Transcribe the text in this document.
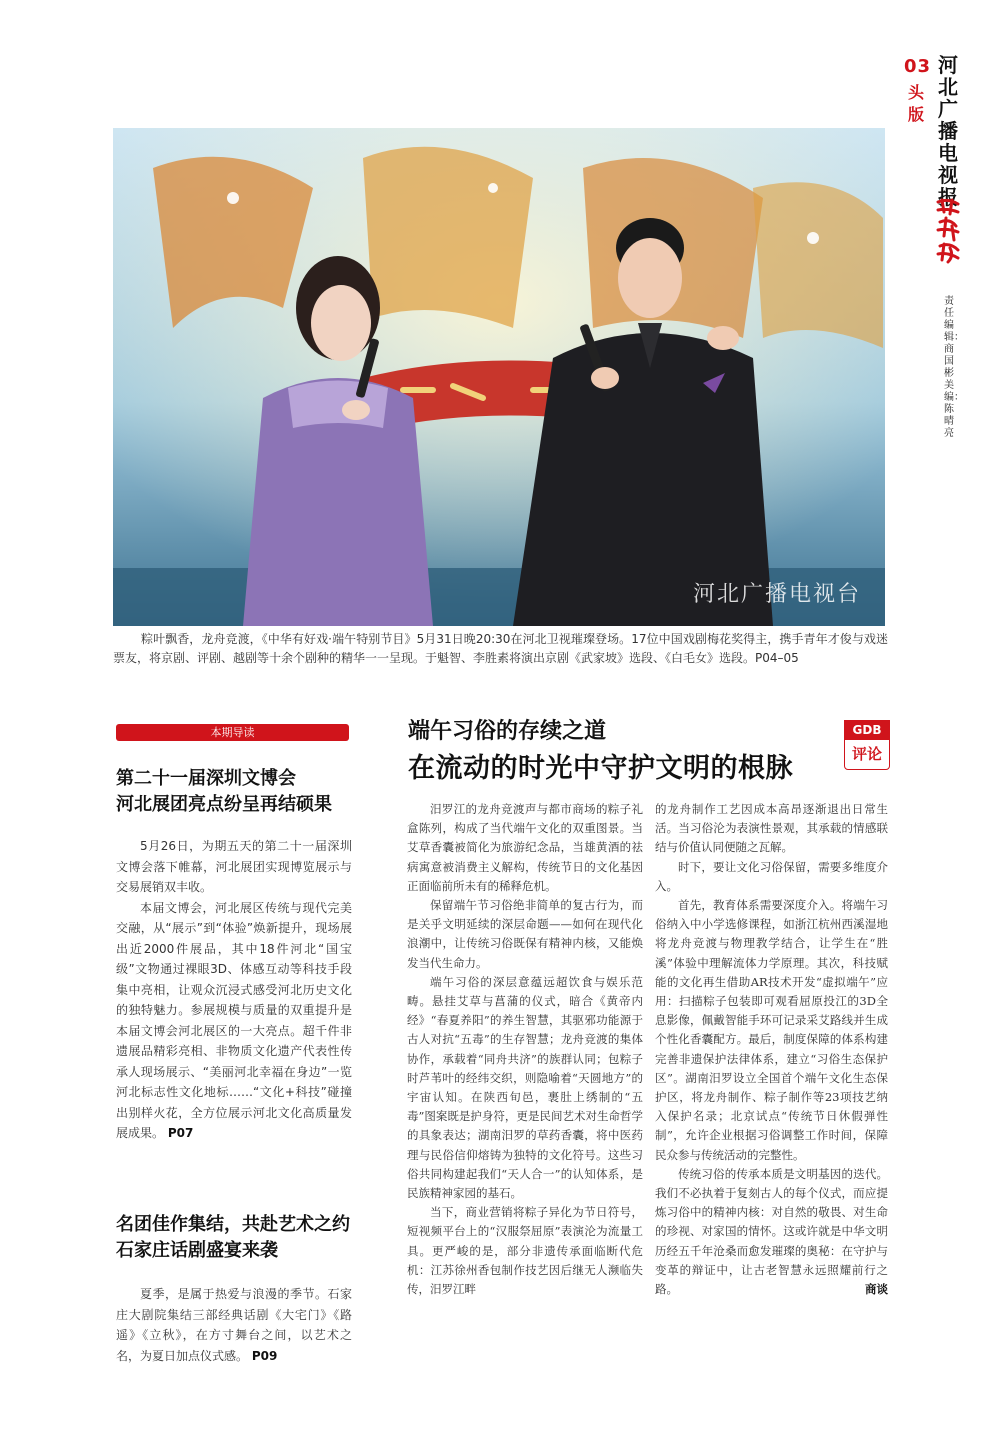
03
头版
河北广播电视报
责任编辑：商国彬 美编：陈晴亮
河北广播电视台
粽叶飘香，龙舟竞渡，《中华有好戏·端午特别节目》5月31日晚20:30在河北卫视璀璨登场。17位中国戏剧梅花奖得主，携手青年才俊与戏迷票友，将京剧、评剧、越剧等十余个剧种的精华一一呈现。于魁智、李胜素将演出京剧《武家坡》选段、《白毛女》选段。P04–05
本期导读
第二十一届深圳文博会
河北展团亮点纷呈再结硕果

5月26日，为期五天的第二十一届深圳文博会落下帷幕，河北展团实现博览展示与交易展销双丰收。

本届文博会，河北展区传统与现代完美交融，从“展示”到“体验”焕新提升，现场展出近2000件展品，其中18件河北“国宝级”文物通过裸眼3D、体感互动等科技手段集中亮相，让观众沉浸式感受河北历史文化的独特魅力。参展规模与质量的双重提升是本届文博会河北展区的一大亮点。超千件非遗展品精彩亮相、非物质文化遗产代表性传承人现场展示、“美丽河北幸福在身边”一览河北标志性文化地标……“文化+科技”碰撞出别样火花，全方位展示河北文化高质量发展成果。 P07

名团佳作集结，共赴艺术之约
石家庄话剧盛宴来袭

夏季，是属于热爱与浪漫的季节。石家庄大剧院集结三部经典话剧《大宅门》《路遥》《立秋》，在方寸舞台之间，以艺术之名，为夏日加点仪式感。 P09

端午习俗的存续之道
在流动的时光中守护文明的根脉
GDB
评论

汨罗江的龙舟竞渡声与都市商场的粽子礼盒陈列，构成了当代端午文化的双重图景。当艾草香囊被简化为旅游纪念品，当雄黄酒的祛病寓意被消费主义解构，传统节日的文化基因正面临前所未有的稀释危机。

保留端午节习俗绝非简单的复古行为，而是关乎文明延续的深层命题——如何在现代化浪潮中，让传统习俗既保有精神内核，又能焕发当代生命力。

端午习俗的深层意蕴远超饮食与娱乐范畴。悬挂艾草与菖蒲的仪式，暗合《黄帝内经》“春夏养阳”的养生智慧，其驱邪功能源于古人对抗“五毒”的生存智慧；龙舟竞渡的集体协作，承载着“同舟共济”的族群认同；包粽子时芦苇叶的经纬交织，则隐喻着“天圆地方”的宇宙认知。在陕西旬邑，裹肚上绣制的“五毒”图案既是护身符，更是民间艺术对生命哲学的具象表达；湖南汨罗的草药香囊，将中医药理与民俗信仰熔铸为独特的文化符号。这些习俗共同构建起我们“天人合一”的认知体系，是民族精神家园的基石。

当下，商业营销将粽子异化为节日符号，短视频平台上的“汉服祭屈原”表演沦为流量工具。更严峻的是，部分非遗传承面临断代危机：江苏徐州香包制作技艺因后继无人濒临失传，汨罗江畔

的龙舟制作工艺因成本高昂逐渐退出日常生活。当习俗沦为表演性景观，其承载的情感联结与价值认同便随之瓦解。

时下，要让文化习俗保留，需要多维度介入。

首先，教育体系需要深度介入。将端午习俗纳入中小学选修课程，如浙江杭州西溪湿地将龙舟竞渡与物理教学结合，让学生在“胜溪”体验中理解流体力学原理。其次，科技赋能的文化再生借助AR技术开发“虚拟端午”应用：扫描粽子包装即可观看屈原投江的3D全息影像，佩戴智能手环可记录采艾路线并生成个性化香囊配方。最后，制度保障的体系构建完善非遗保护法律体系，建立“习俗生态保护区”。湖南汨罗设立全国首个端午文化生态保护区，将龙舟制作、粽子制作等23项技艺纳入保护名录；北京试点“传统节日休假弹性制”，允许企业根据习俗调整工作时间，保障民众参与传统活动的完整性。

传统习俗的传承本质是文明基因的迭代。我们不必执着于复刻古人的每个仪式，而应提炼习俗中的精神内核：对自然的敬畏、对生命的珍视、对家国的情怀。这或许就是中华文明历经五千年沧桑而愈发璀璨的奥秘：在守护与变革的辩证中，让古老智慧永远照耀前行之路。	商谈
